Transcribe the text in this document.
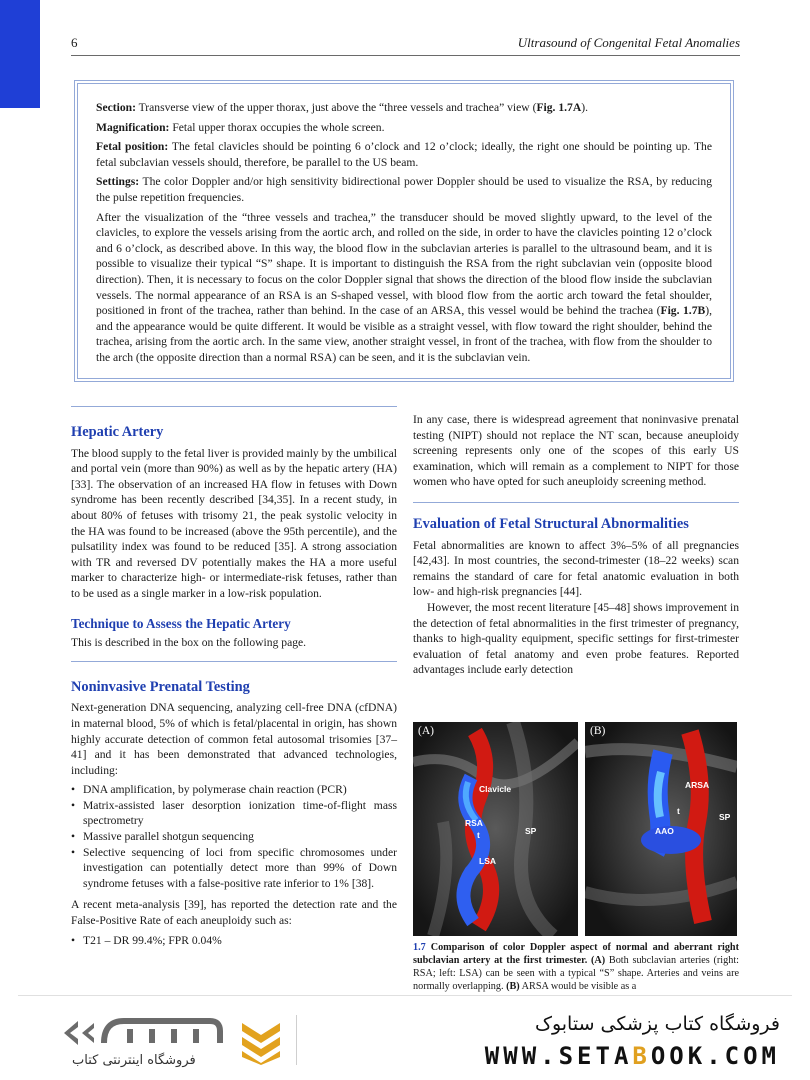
6	Ultrasound of Congenital Fetal Anomalies

Section: Transverse view of the upper thorax, just above the “three vessels and trachea” view (Fig. 1.7A).

Magnification: Fetal upper thorax occupies the whole screen.

Fetal position: The fetal clavicles should be pointing 6 o’clock and 12 o’clock; ideally, the right one should be pointing up. The fetal subclavian vessels should, therefore, be parallel to the US beam.

Settings: The color Doppler and/or high sensitivity bidirectional power Doppler should be used to visualize the RSA, by reducing the pulse repetition frequencies.

After the visualization of the “three vessels and trachea,” the transducer should be moved slightly upward, to the level of the clavicles, to explore the vessels arising from the aortic arch, and rolled on the side, in order to have the clavicles pointing 12 o’clock and 6 o’clock, as described above. In this way, the blood flow in the subclavian arteries is parallel to the ultrasound beam, and it is possible to visualize their typical “S” shape. It is important to distinguish the RSA from the right subclavian vein (opposite blood direction). Then, it is necessary to focus on the color Doppler signal that shows the direction of the blood flow inside the subclavian vessels. The normal appearance of an RSA is an S-shaped vessel, with blood flow from the aortic arch toward the fetal shoulder, positioned in front of the trachea, rather than behind. In the case of an ARSA, this vessel would be behind the trachea (Fig. 1.7B), and the appearance would be quite different. It would be visible as a straight vessel, with flow toward the right shoulder, behind the trachea, arising from the aortic arch. In the same view, another straight vessel, in front of the trachea, with flow from the shoulder to the arch (the opposite direction than a normal RSA) can be seen, and it is the subclavian vein.

Hepatic Artery

The blood supply to the fetal liver is provided mainly by the umbilical and portal vein (more than 90%) as well as by the hepatic artery (HA) [33]. The observation of an increased HA flow in fetuses with Down syndrome has been recently described [34,35]. In a recent study, in about 80% of fetuses with trisomy 21, the peak systolic velocity in the HA was found to be increased (above the 95th percentile), and the pulsatility index was found to be reduced [35]. A strong association with TR and reversed DV potentially makes the HA a more useful marker to characterize high- or intermediate-risk fetuses, rather than to be used as a single marker in a low-risk population.

Technique to Assess the Hepatic Artery

This is described in the box on the following page.

Noninvasive Prenatal Testing

Next-generation DNA sequencing, analyzing cell-free DNA (cfDNA) in maternal blood, 5% of which is fetal/placental in origin, has shown highly accurate detection of common fetal autosomal trisomies [37–41] and it has been demonstrated that advanced technologies, including:

• DNA amplification, by polymerase chain reaction (PCR)
• Matrix-assisted laser desorption ionization time-of-flight mass spectrometry
• Massive parallel shotgun sequencing
• Selective sequencing of loci from specific chromosomes under investigation can potentially detect more than 99% of Down syndrome fetuses with a false-positive rate inferior to 1% [38].

A recent meta-analysis [39], has reported the detection rate and the False-Positive Rate of each aneuploidy such as:

• T21 – DR 99.4%; FPR 0.04%

In any case, there is widespread agreement that noninvasive prenatal testing (NIPT) should not replace the NT scan, because aneuploidy screening represents only one of the scopes of this early US examination, which will remain as a complement to NIPT for those women who have opted for such aneuploidy screening method.

Evaluation of Fetal Structural Abnormalities

Fetal abnormalities are known to affect 3%–5% of all pregnancies [42,43]. In most countries, the second-trimester (18–22 weeks) scan remains the standard of care for fetal anatomic evaluation in both low- and high-risk pregnancies [44].

However, the most recent literature [45–48] shows improvement in the detection of fetal abnormalities in the first trimester of pregnancy, thanks to high-quality equipment, specific settings for first-trimester evaluation of fetal anatomy and even probe features. Reported advantages include early detection

(A)
Clavicle
RSA
t	SP
LSA
(B)
ARSA
t
SP
AAO
1.7 Comparison of color Doppler aspect of normal and aberrant right subclavian artery at the first trimester. (A) Both subclavian arteries (right: RSA; left: LSA) can be seen with a typical “S” shape. Arteries and veins are normally overlapping. (B) ARSA would be visible as a
فروشگاه اینترنتی کتاب
فروشگاه کتاب پزشکی ستابوک
WWW.SETABOOK.COM
